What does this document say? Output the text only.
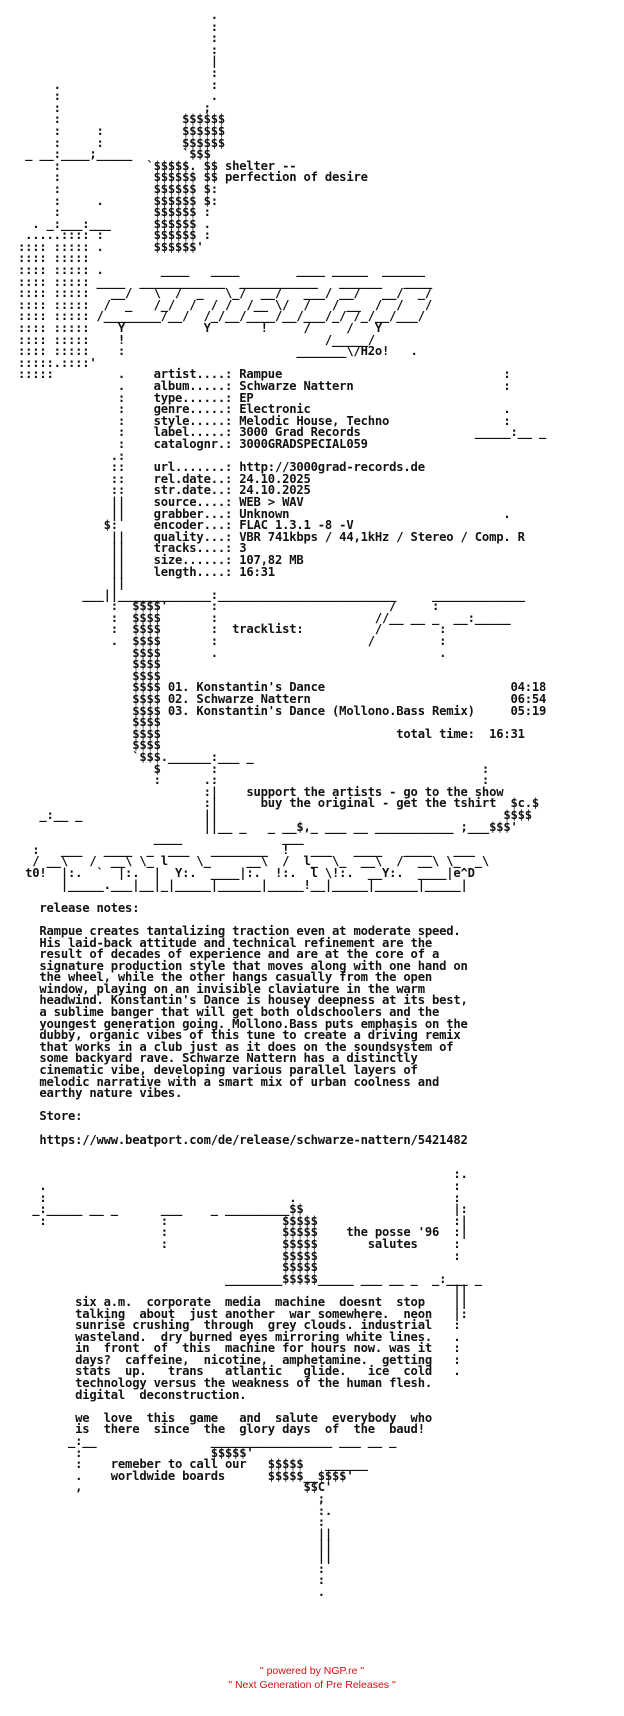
.
:
:
:
|
:
.                     :
:                     .
:                    ;
:                 $$$$$$
:     :           $$$$$$
:     :           $$$$$$
_ __:____;_____       `$$$
:            `$$$$$. $$ shelter --
:             $$$$$$ $$ perfection of desire
:             $$$$$$ $:
:     .       $$$$$$ $:
:             $$$$$$ :
. _:___:___      $$$$$$ .
.....:::: :       $$$$$$ :
:::: ::::: .       $$$$$$'
:::: :::::
:::: ::::: .        ____   ____        ____ _____  ______
:::: ::::: ____  ____________  ___________   ______   ____
:::: :::::   __/   \  /  _   \_/  __/   ___/ __/   __/  _/
:::: :::::  /  _   /_/  /  / /  /__ \/  /   / __  /  /   /
:::: ::::: /________/__/  /_/__/____/__/___/_/ /_/__/___/
:::: :::::    Y           Y       !     /     /   Y
:::: :::::    !                            /_____/
:::: :::::    :                        _______\/H2o!   .
:::::.::::'
:::::         .    artist....: Rampue                               :
.    album.....: Schwarze Nattern                     :
:    type......: EP
:    genre.....: Electronic                           .
:    style.....: Melodic House, Techno                :
:    label.....: 3000 Grad Records                _____:__ _
:    catalognr.: 3000GRADSPECIAL059
.:
::    url.......: http://3000grad-records.de
::    rel.date..: 24.10.2025
::    str.date..: 24.10.2025
||    source....: WEB > WAV
||    grabber...: Unknown                              .
$:     encoder...: FLAC 1.3.1 -8 -V
||    quality...: VBR 741kbps / 44,1kHz / Stereo / Comp. R
||    tracks....: 3
||    size......: 107,82 MB
||    length....: 16:31
||
___||_____________:_________________________     _____________
:  $$$$'      :                        /     :
:  $$$$       :                      //__ __ _  __:_____
:  $$$$       :  tracklist:          /        :
.  $$$$       :                     /         :
$$$$       .                               .
$$$$
$$$$
$$$$ 01. Konstantin's Dance                          04:18
$$$$ 02. Schwarze Nattern                            06:54
$$$$ 03. Konstantin's Dance (Mollono.Bass Remix)     05:19
$$$$
$$$$                                 total time:  16:31
$$$$
`$$$.______:___ _
$       :                                     :
:      .:                                     :
:|    support the artists - go to the show
:|      buy the original - get the tshirt  $c.$
_:__ _                 ||                                        $$$$
||__ _   _ __$,_ ___ __ ___________ ;___$$$'
____              ___
:   ___   ____  _  ___   ________  !   ___   ____   ____   ___
/ __\   /  __\ \_ l    \_     __\  /  l_  \_  __\  /  __\ \_  _\
t0!  |:.  `  |:.  |  Y:.  ____|:.  !:.  l \!:.  __Y:.  ____|e^D
|_____.___|__|_|_____|______|_____!__|_____|______|_____|

release notes:

Rampue creates tantalizing traction even at moderate speed.
His laid-back attitude and technical refinement are the
result of decades of experience and are at the core of a
signature production style that moves along with one hand on
the wheel, while the other hangs casually from the open
window, playing on an invisible claviature in the warm
headwind. Konstantin's Dance is housey deepness at its best,
a sublime banger that will get both oldschoolers and the
youngest generation going. Mollono.Bass puts emphasis on the
dubby, organic vibes of this tune to create a driving remix
that works in a club just as it does on the soundsystem of
some backyard rave. Schwarze Nattern has a distinctly
cinematic vibe, developing various parallel layers of
melodic narrative with a smart mix of urban coolness and
earthy nature vibes.

Store:

https://www.beatport.com/de/release/schwarze-nattern/5421482

:.
.                                                         :
:                                  .                      :
_:_____ __ _      ___    _ _________$$                     |:
:                :                $$$$$                   :|
:                $$$$$    the posse '96  :|
:                $$$$$       salutes     :
$$$$$                   :
$$$$$
________$$$$$_____ ___ __ _  _:___ _
||
six a.m.  corporate  media  machine  doesnt  stop    ||
talking  about  just another  war somewhere.  neon   |:
sunrise crushing  through  grey clouds. industrial   :
wasteland.  dry burned eyes mirroring white lines.   .
in  front  of  this  machine for hours now. was it   :
days?  caffeine,  nicotine,  amphetamine.  getting   :
stats  up.   trans   atlantic   glide.   ice  cold   .
technology versus the weakness of the human flesh.
digital  deconstruction.

we  love  this  game   and  salute  everybody  who
is  there  since  the  glory days  of  the  baud!
_:__                _________________ ___ __ _
:                  $$$$$'
:    remeber to call our   $$$$$   ______
.    worldwide boards      $$$$$__$$$$'
,                               $$C'
;
:.
:
||
||
||
:
:
.
" powered by NGP.re "
" Next Generation of Pre Releases "
